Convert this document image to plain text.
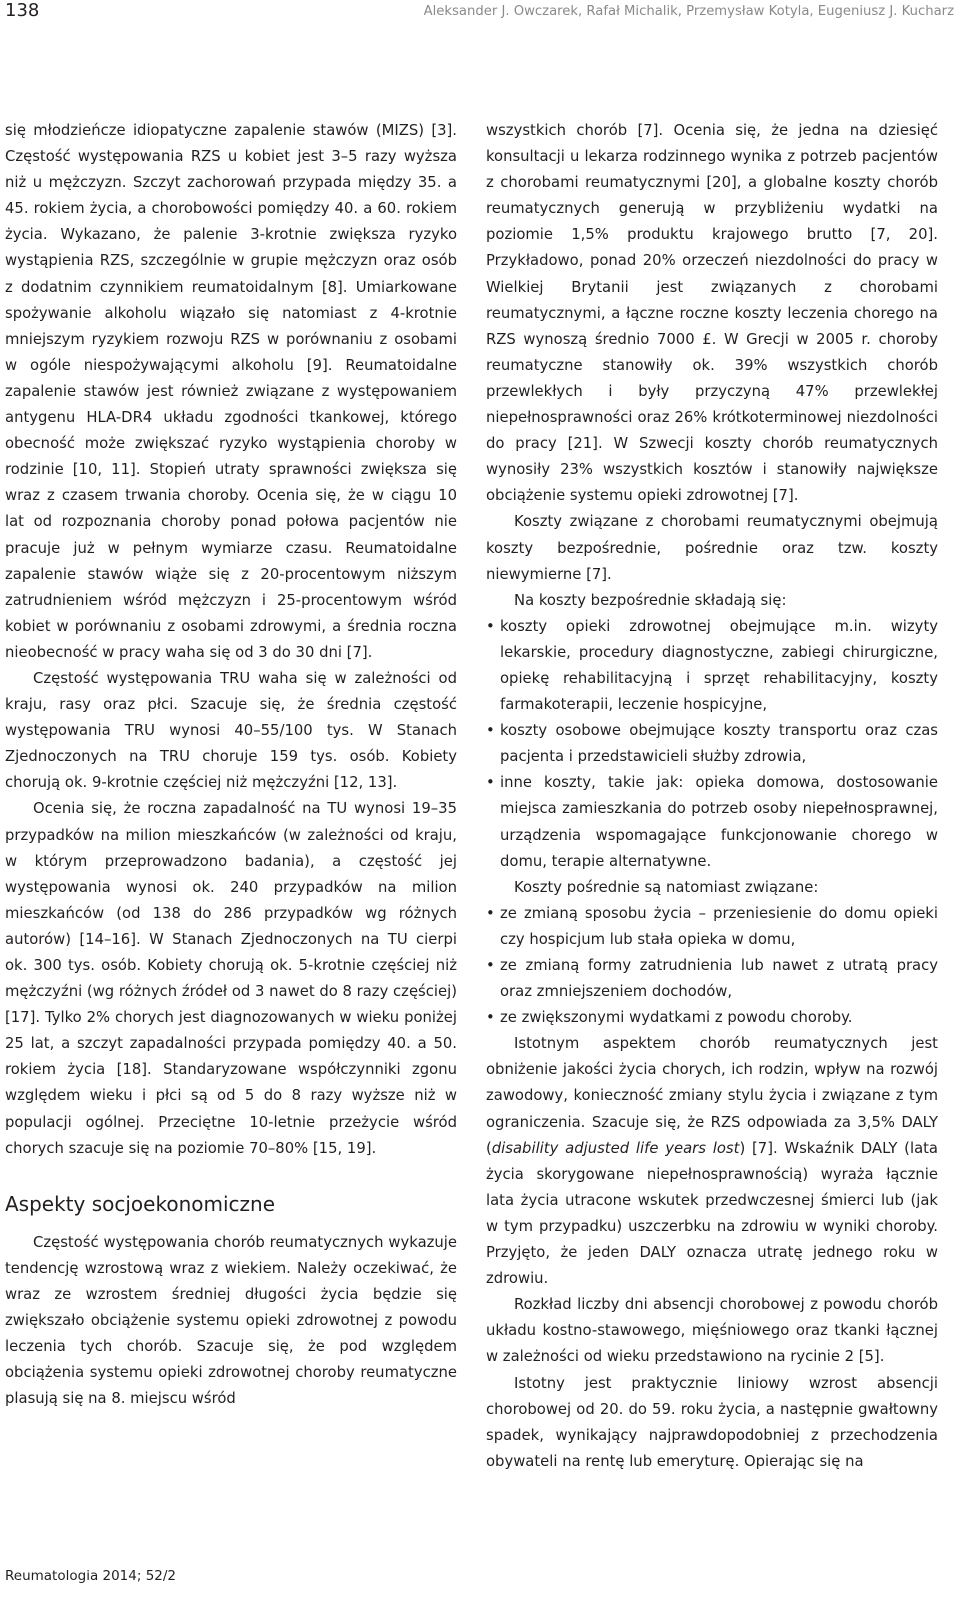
138	Aleksander J. Owczarek, Rafał Michalik, Przemysław Kotyla, Eugeniusz J. Kucharz

się młodzieńcze idiopatyczne zapalenie stawów (MIZS) [3]. Częstość występowania RZS u kobiet jest 3–5 razy wyższa niż u mężczyzn. Szczyt zachorowań przypada między 35. a 45. rokiem życia, a chorobowości pomiędzy 40. a 60. rokiem życia. Wykazano, że palenie 3-krotnie zwiększa ryzyko wystąpienia RZS, szczególnie w grupie mężczyzn oraz osób z dodatnim czynnikiem reumatoidalnym [8]. Umiarkowane spożywanie alkoholu wiązało się natomiast z 4-krotnie mniejszym ryzykiem rozwoju RZS w porównaniu z osobami w ogóle niespożywającymi alkoholu [9]. Reumatoidalne zapalenie stawów jest również związane z występowaniem antygenu HLA-DR4 układu zgodności tkankowej, którego obecność może zwiększać ryzyko wystąpienia choroby w rodzinie [10, 11]. Stopień utraty sprawności zwiększa się wraz z czasem trwania choroby. Ocenia się, że w ciągu 10 lat od rozpoznania choroby ponad połowa pacjentów nie pracuje już w pełnym wymiarze czasu. Reumatoidalne zapalenie stawów wiąże się z 20-procentowym niższym zatrudnieniem wśród mężczyzn i 25-procentowym wśród kobiet w porównaniu z osobami zdrowymi, a średnia roczna nieobecność w pracy waha się od 3 do 30 dni [7].

Częstość występowania TRU waha się w zależności od kraju, rasy oraz płci. Szacuje się, że średnia częstość występowania TRU wynosi 40–55/100 tys. W Stanach Zjednoczonych na TRU choruje 159 tys. osób. Kobiety chorują ok. 9-krotnie częściej niż mężczyźni [12, 13].

Ocenia się, że roczna zapadalność na TU wynosi 19–35 przypadków na milion mieszkańców (w zależności od kraju, w którym przeprowadzono badania), a częstość jej występowania wynosi ok. 240 przypadków na milion mieszkańców (od 138 do 286 przypadków wg różnych autorów) [14–16]. W Stanach Zjednoczonych na TU cierpi ok. 300 tys. osób. Kobiety chorują ok. 5-krotnie częściej niż mężczyźni (wg różnych źródeł od 3 nawet do 8 razy częściej) [17]. Tylko 2% chorych jest diagnozowanych w wieku poniżej 25 lat, a szczyt zapadalności przypada pomiędzy 40. a 50. rokiem życia [18]. Standaryzowane współczynniki zgonu względem wieku i płci są od 5 do 8 razy wyższe niż w populacji ogólnej. Przeciętne 10-letnie przeżycie wśród chorych szacuje się na poziomie 70–80% [15, 19].

Aspekty socjoekonomiczne

Częstość występowania chorób reumatycznych wykazuje tendencję wzrostową wraz z wiekiem. Należy oczekiwać, że wraz ze wzrostem średniej długości życia będzie się zwiększało obciążenie systemu opieki zdrowotnej z powodu leczenia tych chorób. Szacuje się, że pod względem obciążenia systemu opieki zdrowotnej choroby reumatyczne plasują się na 8. miejscu wśród

wszystkich chorób [7]. Ocenia się, że jedna na dziesięć konsultacji u lekarza rodzinnego wynika z potrzeb pacjentów z chorobami reumatycznymi [20], a globalne koszty chorób reumatycznych generują w przybliżeniu wydatki na poziomie 1,5% produktu krajowego brutto [7, 20]. Przykładowo, ponad 20% orzeczeń niezdolności do pracy w Wielkiej Brytanii jest związanych z chorobami reumatycznymi, a łączne roczne koszty leczenia chorego na RZS wynoszą średnio 7000 £. W Grecji w 2005 r. choroby reumatyczne stanowiły ok. 39% wszystkich chorób przewlekłych i były przyczyną 47% przewlekłej niepełnosprawności oraz 26% krótkoterminowej niezdolności do pracy [21]. W Szwecji koszty chorób reumatycznych wynosiły 23% wszystkich kosztów i stanowiły największe obciążenie systemu opieki zdrowotnej [7].

Koszty związane z chorobami reumatycznymi obejmują koszty bezpośrednie, pośrednie oraz tzw. koszty niewymierne [7].

Na koszty bezpośrednie składają się:

• koszty opieki zdrowotnej obejmujące m.in. wizyty lekarskie, procedury diagnostyczne, zabiegi chirurgiczne, opiekę rehabilitacyjną i sprzęt rehabilitacyjny, koszty farmakoterapii, leczenie hospicyjne,
• koszty osobowe obejmujące koszty transportu oraz czas pacjenta i przedstawicieli służby zdrowia,
• inne koszty, takie jak: opieka domowa, dostosowanie miejsca zamieszkania do potrzeb osoby niepełnosprawnej, urządzenia wspomagające funkcjonowanie chorego w domu, terapie alternatywne.

Koszty pośrednie są natomiast związane:

• ze zmianą sposobu życia – przeniesienie do domu opieki czy hospicjum lub stała opieka w domu,
• ze zmianą formy zatrudnienia lub nawet z utratą pracy oraz zmniejszeniem dochodów,
• ze zwiększonymi wydatkami z powodu choroby.

Istotnym aspektem chorób reumatycznych jest obniżenie jakości życia chorych, ich rodzin, wpływ na rozwój zawodowy, konieczność zmiany stylu życia i związane z tym ograniczenia. Szacuje się, że RZS odpowiada za 3,5% DALY (disability adjusted life years lost) [7]. Wskaźnik DALY (lata życia skorygowane niepełnosprawnością) wyraża łącznie lata życia utracone wskutek przedwczesnej śmierci lub (jak w tym przypadku) uszczerbku na zdrowiu w wyniki choroby. Przyjęto, że jeden DALY oznacza utratę jednego roku w zdrowiu.

Rozkład liczby dni absencji chorobowej z powodu chorób układu kostno-stawowego, mięśniowego oraz tkanki łącznej w zależności od wieku przedstawiono na rycinie 2 [5].

Istotny jest praktycznie liniowy wzrost absencji chorobowej od 20. do 59. roku życia, a następnie gwałtowny spadek, wynikający najprawdopodobniej z przechodzenia obywateli na rentę lub emeryturę. Opierając się na

Reumatologia 2014; 52/2
